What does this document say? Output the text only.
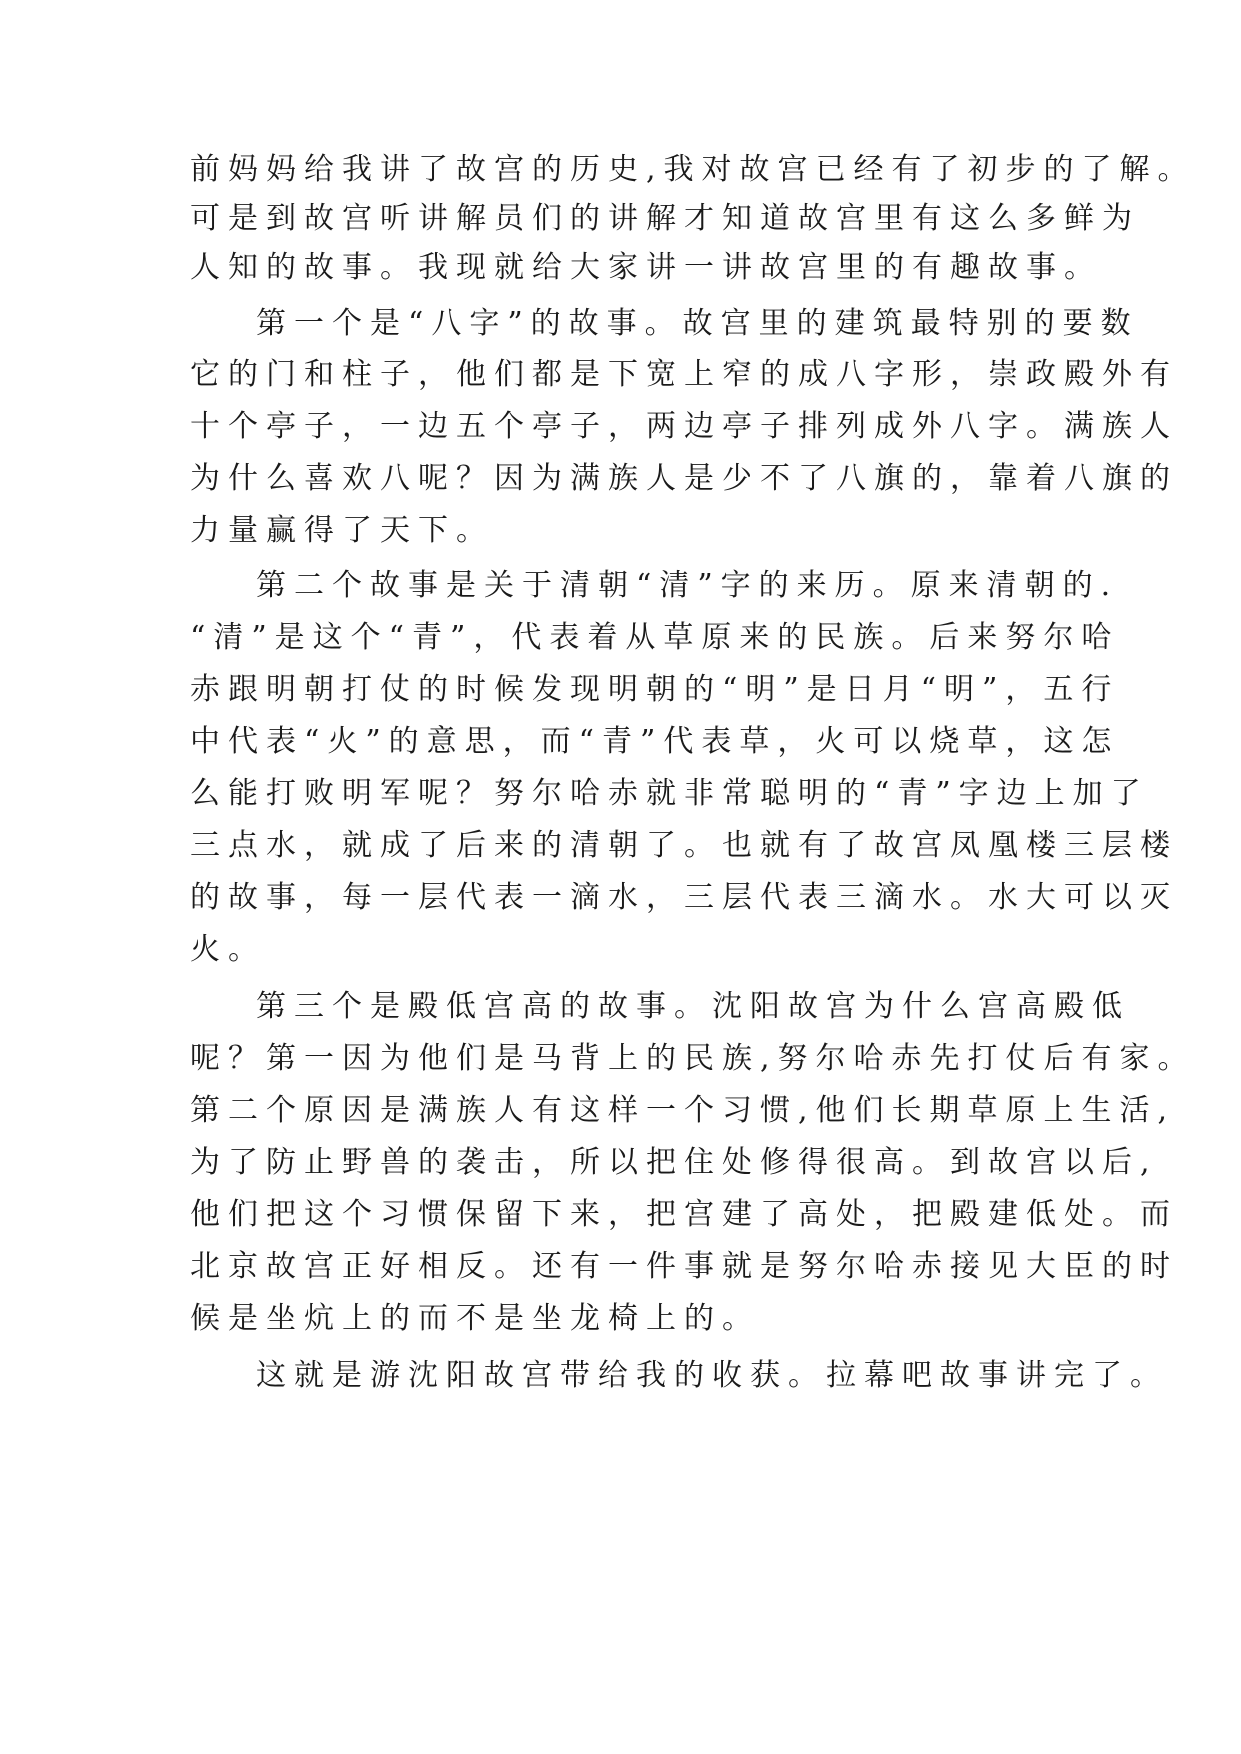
前妈妈给我讲了故宫的历史,我对故宫已经有了初步的了解。

可是到故宫听讲解员们的讲解才知道故宫里有这么多鲜为

人知的故事。我现就给大家讲一讲故宫里的有趣故事。

第一个是“八字”的故事。故宫里的建筑最特别的要数

它的门和柱子，他们都是下宽上窄的成八字形，崇政殿外有

十个亭子，一边五个亭子，两边亭子排列成外八字。满族人

为什么喜欢八呢？因为满族人是少不了八旗的，靠着八旗的

力量赢得了天下。

第二个故事是关于清朝“清”字的来历。原来清朝的.

“清”是这个“青”，代表着从草原来的民族。后来努尔哈

赤跟明朝打仗的时候发现明朝的“明”是日月“明”，五行

中代表“火”的意思，而“青”代表草，火可以烧草，这怎

么能打败明军呢？努尔哈赤就非常聪明的“青”字边上加了

三点水，就成了后来的清朝了。也就有了故宫凤凰楼三层楼

的故事，每一层代表一滴水，三层代表三滴水。水大可以灭

火。

第三个是殿低宫高的故事。沈阳故宫为什么宫高殿低

呢？第一因为他们是马背上的民族,努尔哈赤先打仗后有家。

第二个原因是满族人有这样一个习惯,他们长期草原上生活,

为了防止野兽的袭击，所以把住处修得很高。到故宫以后,

他们把这个习惯保留下来，把宫建了高处，把殿建低处。而

北京故宫正好相反。还有一件事就是努尔哈赤接见大臣的时

候是坐炕上的而不是坐龙椅上的。

这就是游沈阳故宫带给我的收获。拉幕吧故事讲完了。
